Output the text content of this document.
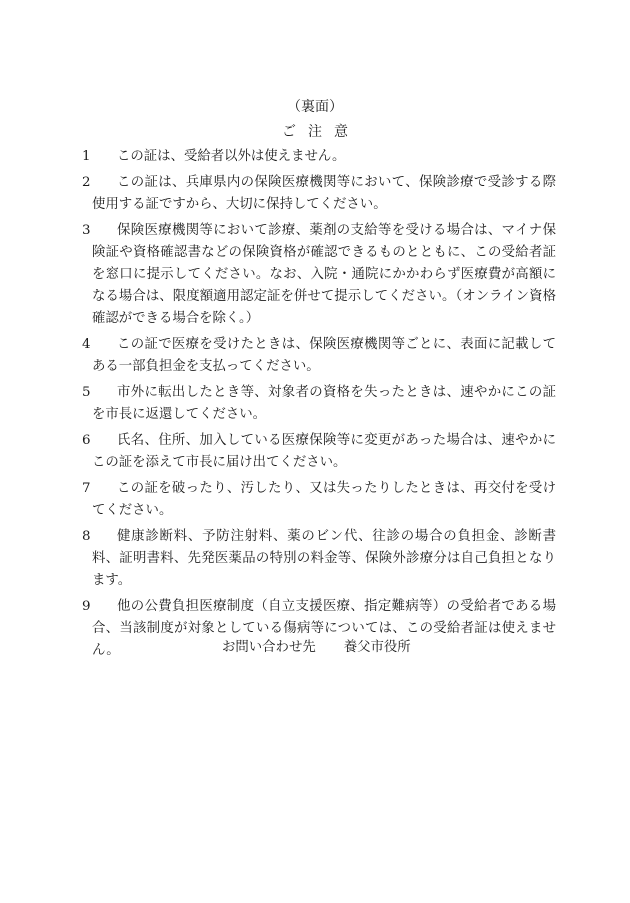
（裏面）
ご注意
1 この証は、受給者以外は使えません。
2 この証は、兵庫県内の保険医療機関等において、保険診療で受診する際使用する証ですから、大切に保持してください。
3 保険医療機関等において診療、薬剤の支給等を受ける場合は、マイナ保険証や資格確認書などの保険資格が確認できるものとともに、この受給者証を窓口に提示してください。なお、入院・通院にかかわらず医療費が高額になる場合は、限度額適用認定証を併せて提示してください。（オンライン資格確認ができる場合を除く。）
4 この証で医療を受けたときは、保険医療機関等ごとに、表面に記載してある一部負担金を支払ってください。
5 市外に転出したとき等、対象者の資格を失ったときは、速やかにこの証を市長に返還してください。
6 氏名、住所、加入している医療保険等に変更があった場合は、速やかにこの証を添えて市長に届け出てください。
7 この証を破ったり、汚したり、又は失ったりしたときは、再交付を受けてください。
8 健康診断料、予防注射料、薬のビン代、往診の場合の負担金、診断書料、証明書料、先発医薬品の特別の料金等、保険外診療分は自己負担となります。
9 他の公費負担医療制度（自立支援医療、指定難病等）の受給者である場合、当該制度が対象としている傷病等については、この受給者証は使えません。	お問い合わせ先 養父市役所
